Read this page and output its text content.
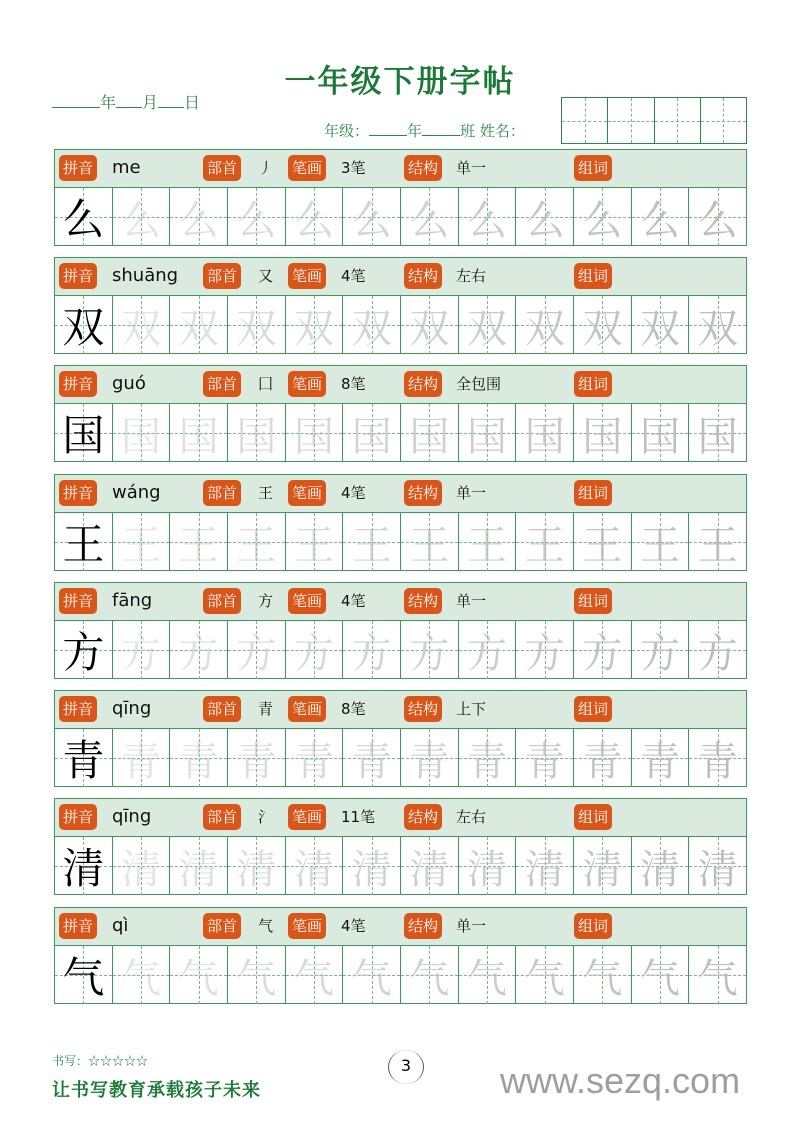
一年级下册字帖
年 月 日
年级：	年	班 姓名：
拼音	部首	笔画	结构	组词
me	丿	3笔	单一
么 么 么 么 么 么 么 么 么 么 么 么
拼音	部首	笔画	结构	组词
shuāng	又	4笔	左右
双 双 双 双 双 双 双 双 双 双 双 双
拼音	部首	笔画	结构	组词
guó	囗	8笔	全包围
国 国 国 国 国 国 国 国 国 国 国 国
拼音	部首	笔画	结构	组词
wáng	王	4笔	单一
王 王 王 王 王 王 王 王 王 王 王 王
拼音	部首	笔画	结构	组词
fāng	方	4笔	单一
方 方 方 方 方 方 方 方 方 方 方 方
拼音	部首	笔画	结构	组词
qīng	青	8笔	上下
青 青 青 青 青 青 青 青 青 青 青 青
拼音	部首	笔画	结构	组词
qīng	氵	11笔	左右
清 清 清 清 清 清 清 清 清 清 清 清
拼音	部首	笔画	结构	组词
qì	气	4笔	单一
气 气 气 气 气 气 气 气 气 气 气 气
书写：☆☆☆☆☆
让书写教育承载孩子未来
3	www.sezq.com
